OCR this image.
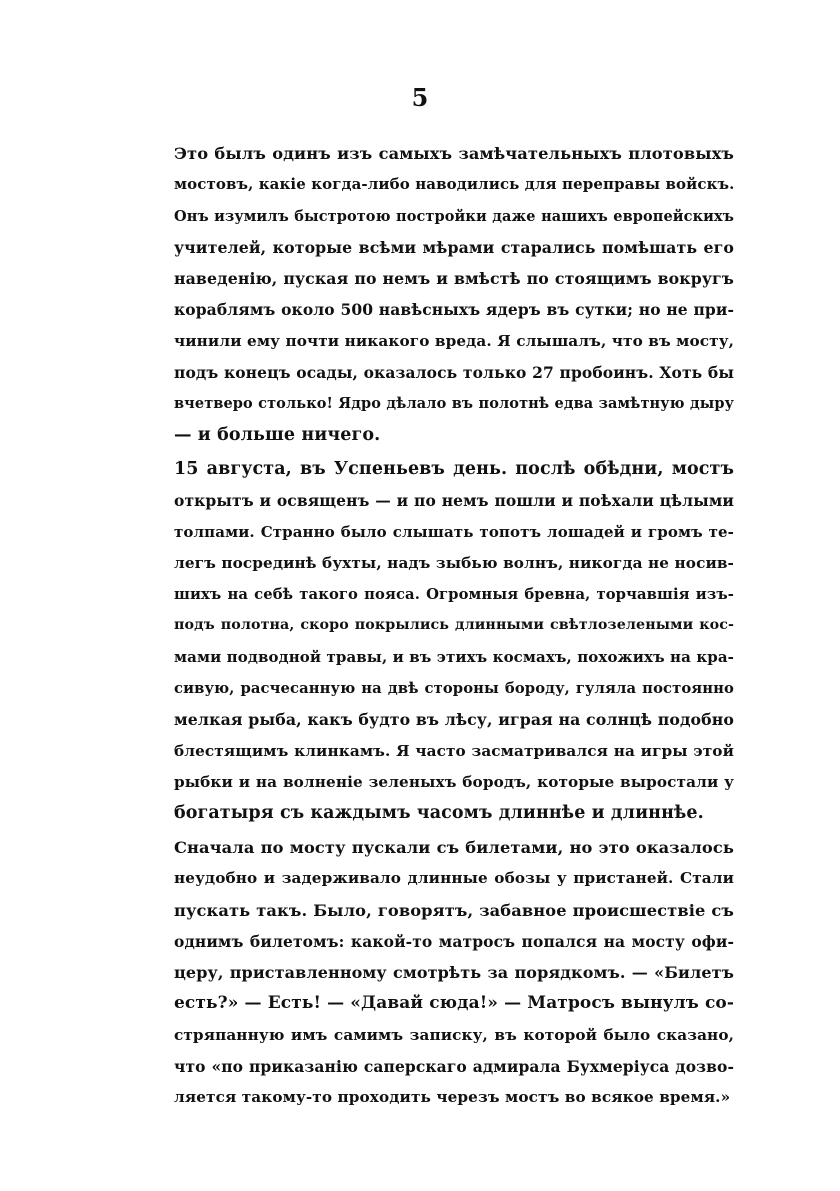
5
Это былъ одинъ изъ самыхъ замѣчательныхъ плотовыхъ
мостовъ, какіе когда-либо наводились для переправы войскъ.
Онъ изумилъ быстротою постройки даже нашихъ европейскихъ
учителей, которые всѣми мѣрами старались помѣшать его
наведенію, пуская по немъ и вмѣстѣ по стоящимъ вокругъ
кораблямъ около 500 навѣсныхъ ядеръ въ сутки; но не при-
чинили ему почти никакого вреда. Я слышалъ, что въ мосту,
подъ конецъ осады, оказалось только 27 пробоинъ. Хоть бы
вчетверо столько! Ядро дѣлало въ полотнѣ едва замѣтную дыру
— и больше ничего.
15 августа, въ Успеньевъ день. послѣ обѣдни, мостъ
открытъ и освященъ — и по немъ пошли и поѣхали цѣлыми
толпами. Странно было слышать топотъ лошадей и громъ те-
легъ посрединѣ бухты, надъ зыбью волнъ, никогда не носив-
шихъ на себѣ такого пояса. Огромныя бревна, торчавшія изъ-
подъ полотна, скоро покрылись длинными свѣтлозелеными кос-
мами подводной травы, и въ этихъ космахъ, похожихъ на кра-
сивую, расчесанную на двѣ стороны бороду, гуляла постоянно
мелкая рыба, какъ будто въ лѣсу, играя на солнцѣ подобно
блестящимъ клинкамъ. Я часто засматривался на игры этой
рыбки и на волненіе зеленыхъ бородъ, которые выростали у
богатыря съ каждымъ часомъ длиннѣе и длиннѣе.
Сначала по мосту пускали съ билетами, но это оказалось
неудобно и задерживало длинные обозы у пристаней. Стали
пускать такъ. Было, говорятъ, забавное происшествіе съ
однимъ билетомъ: какой-то матросъ попался на мосту офи-
церу, приставленному смотрѣть за порядкомъ. — «Билетъ
есть?» — Есть! — «Давай сюда!» — Матросъ вынулъ со-
стряпанную имъ самимъ записку, въ которой было сказано,
что «по приказанію саперскаго адмирала Бухмеріуса дозво-
ляется такому-то проходить черезъ мостъ во всякое время.»
